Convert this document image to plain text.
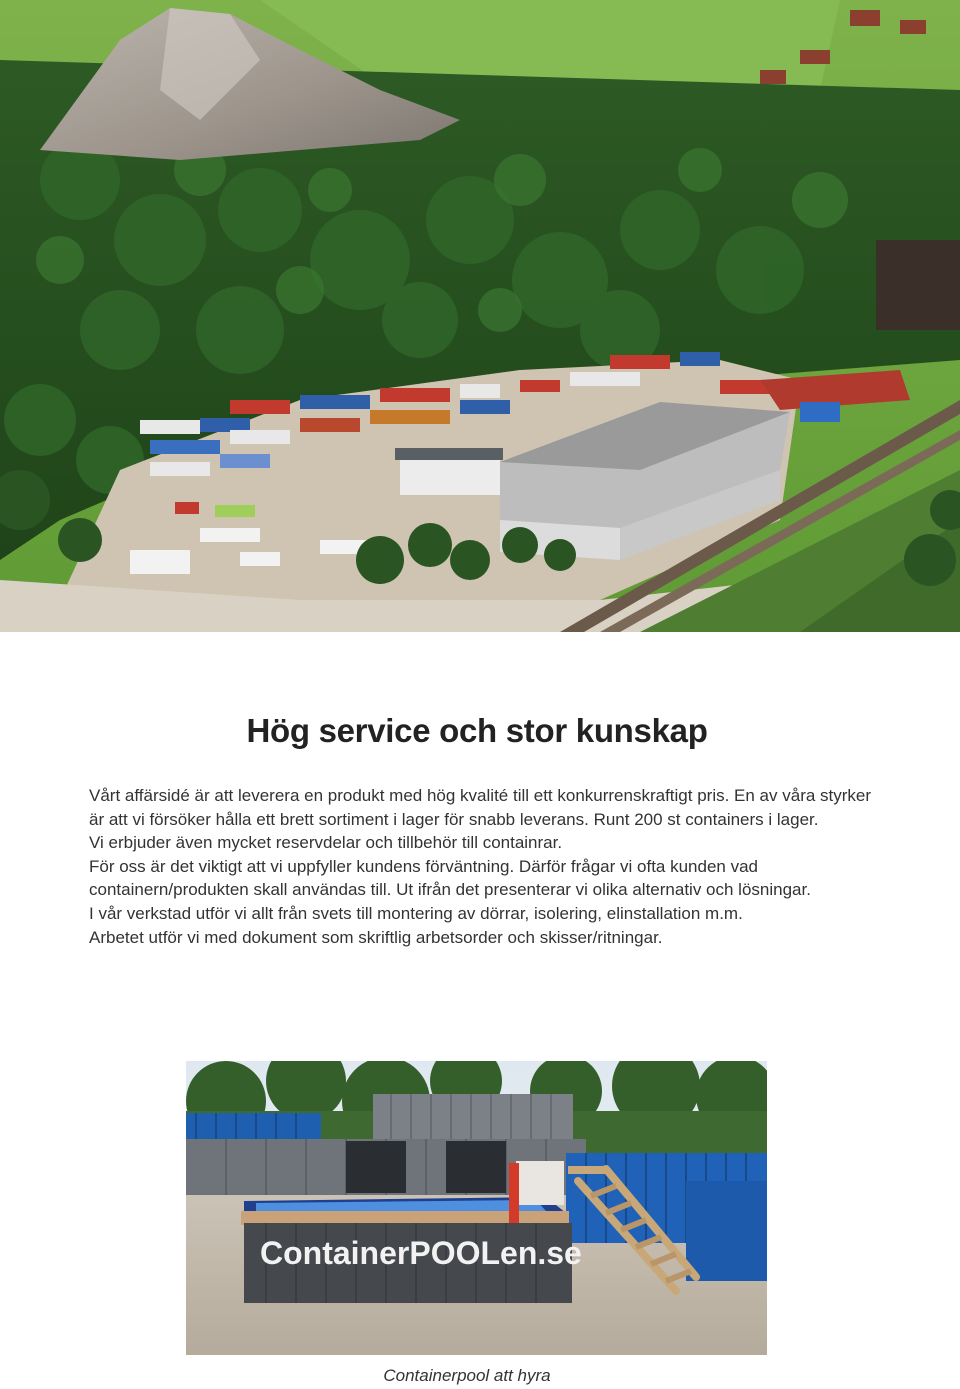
Hög service och stor kunskap

Vårt affärsidé är att leverera en produkt med hög kvalité till ett konkurrenskraftigt pris. En av våra styrker är att vi försöker hålla ett brett sortiment i lager för snabb leverans. Runt 200 st containers i lager.

Vi erbjuder även mycket reservdelar och tillbehör till containrar.

För oss är det viktigt att vi uppfyller kundens förväntning. Därför frågar vi ofta kunden vad containern/produkten skall användas till. Ut ifrån det presenterar vi olika alternativ och lösningar.

I vår verkstad utför vi allt från svets till montering av dörrar, isolering, elinstallation m.m.

Arbetet utför vi med dokument som skriftlig arbetsorder och skisser/ritningar.

ContainerPOOLen.se
Containerpool att hyra
